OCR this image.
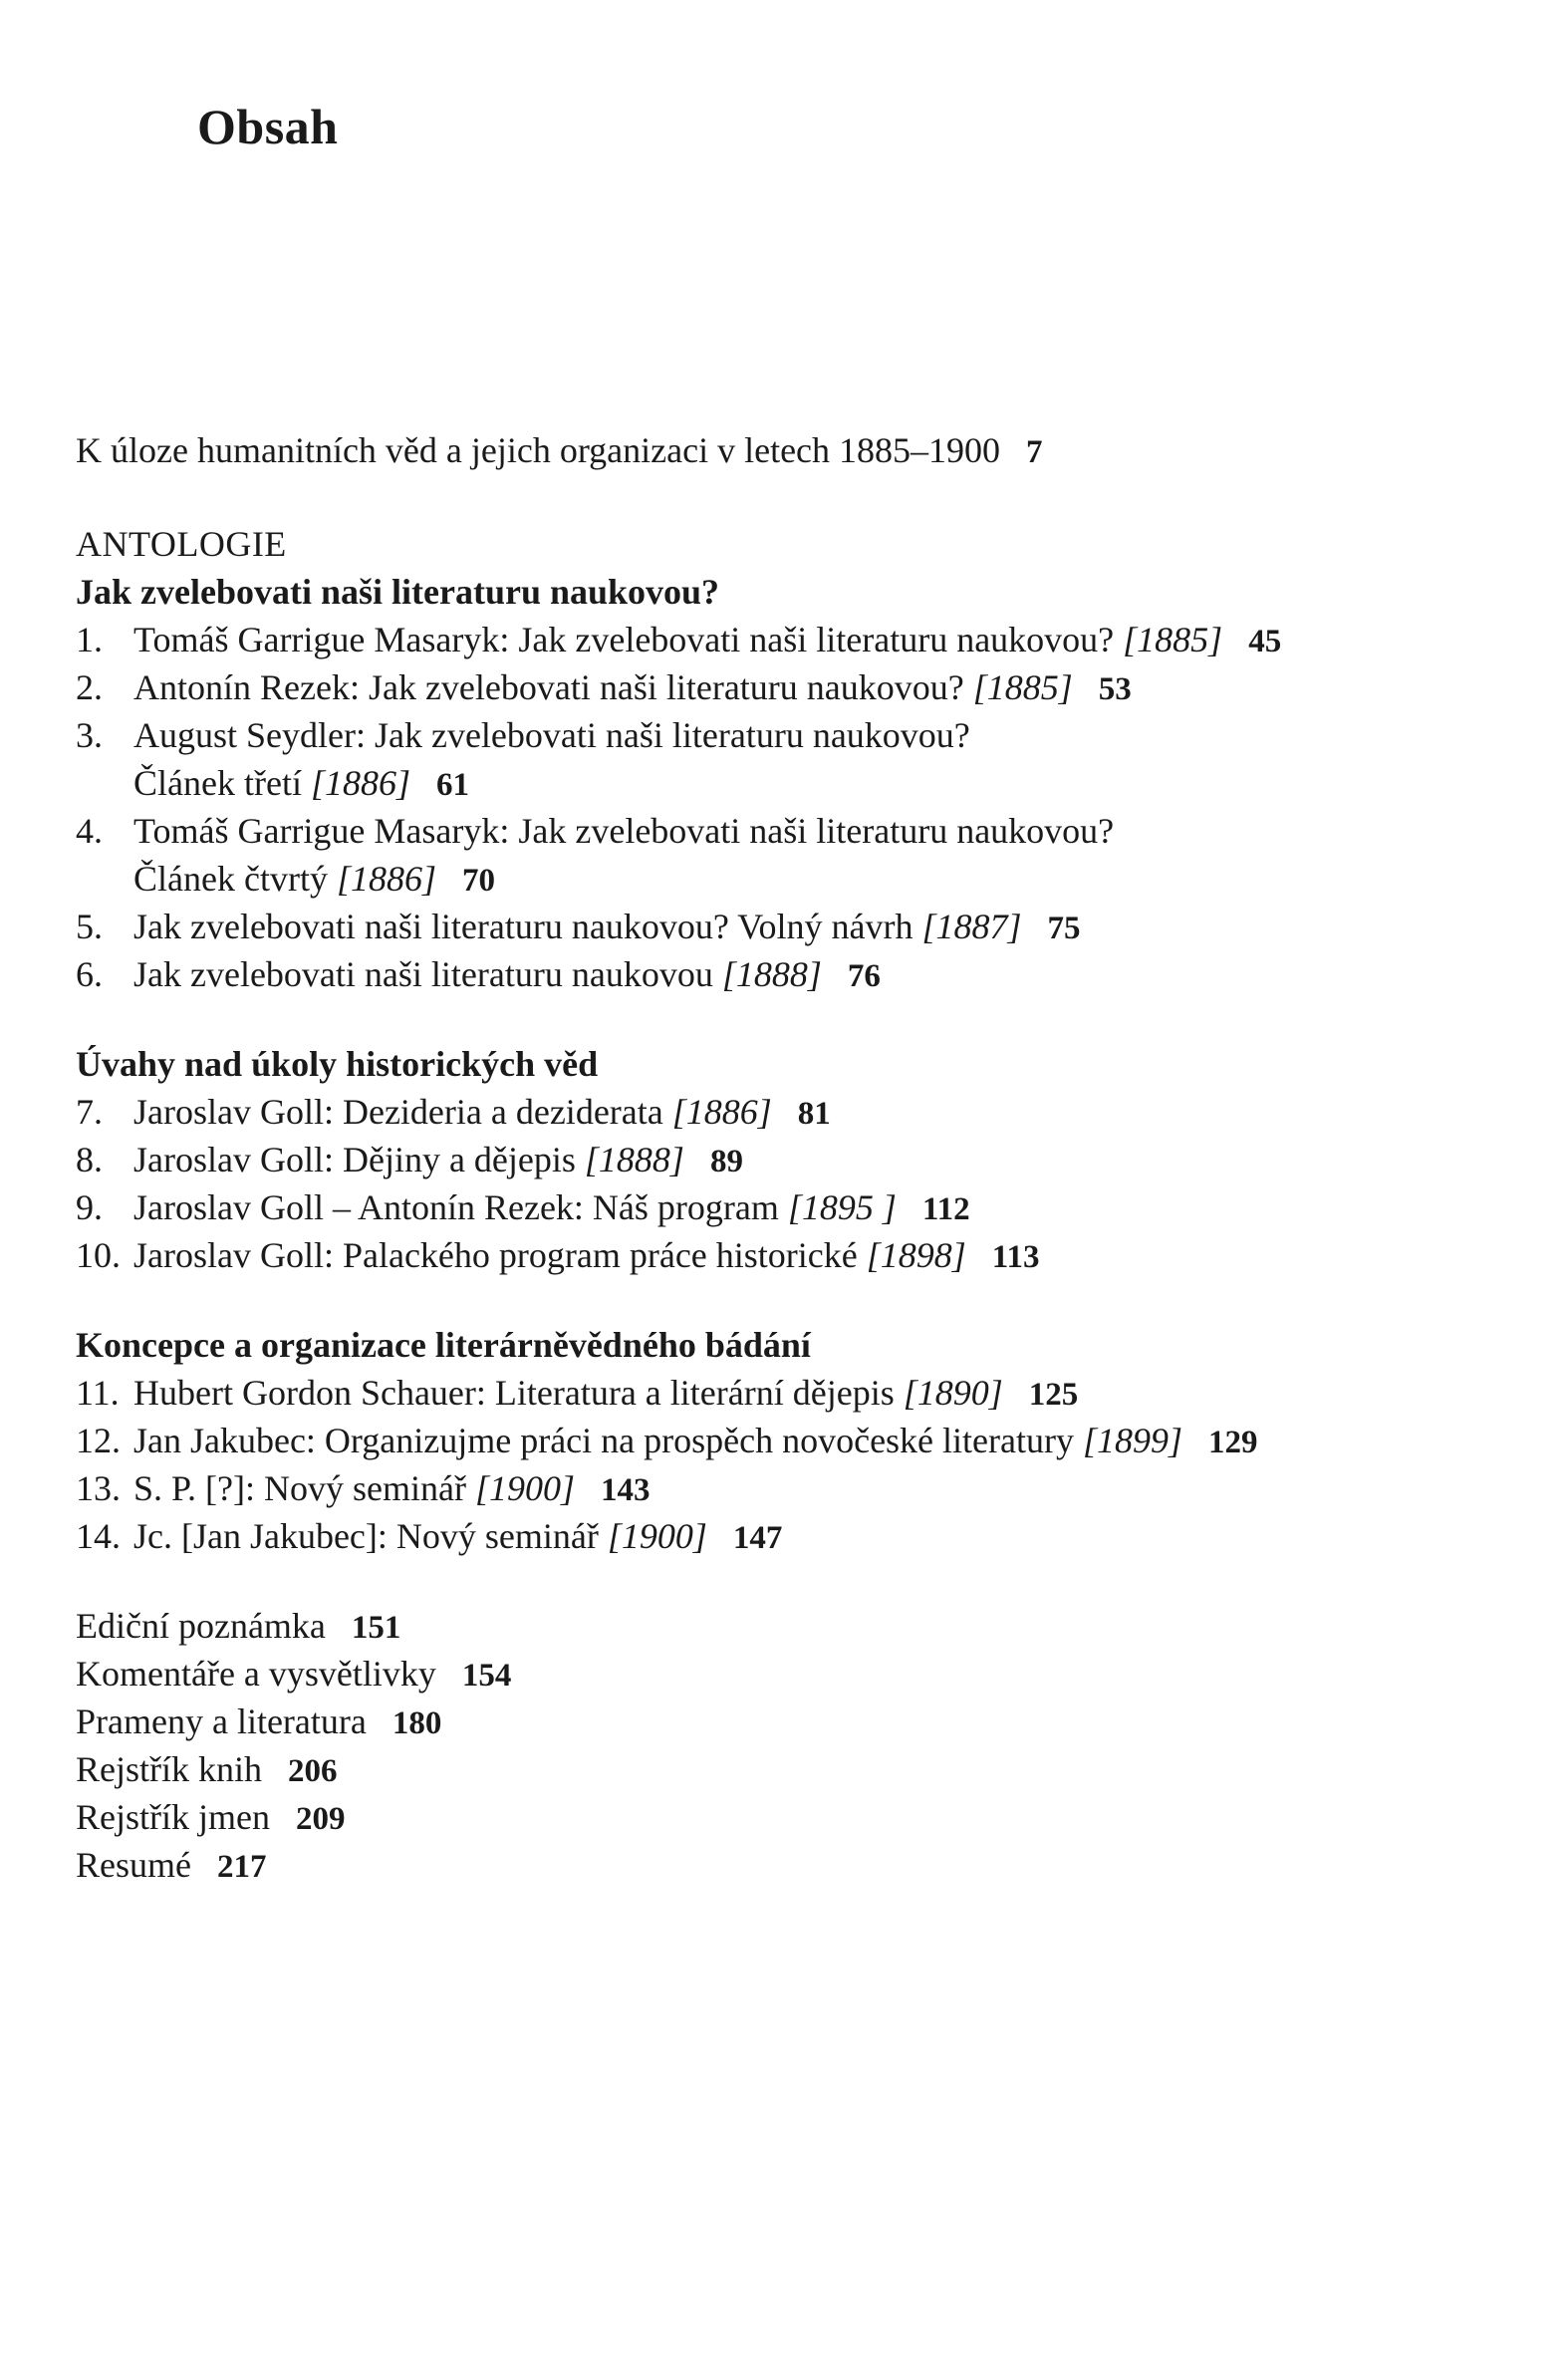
Obsah
K úloze humanitních věd a jejich organizaci v letech 1885–1900 7
ANTOLOGIE
Jak zvelebovati naši literaturu naukovou?
1. Tomáš Garrigue Masaryk: Jak zvelebovati naši literaturu naukovou? [1885] 45
2. Antonín Rezek: Jak zvelebovati naši literaturu naukovou? [1885] 53
3. August Seydler: Jak zvelebovati naši literaturu naukovou?
Článek třetí [1886] 61
4. Tomáš Garrigue Masaryk: Jak zvelebovati naši literaturu naukovou?
Článek čtvrtý [1886] 70
5. Jak zvelebovati naši literaturu naukovou? Volný návrh [1887] 75
6. Jak zvelebovati naši literaturu naukovou [1888] 76
Úvahy nad úkoly historických věd
7. Jaroslav Goll: Dezideria a deziderata [1886] 81
8. Jaroslav Goll: Dějiny a dějepis [1888] 89
9. Jaroslav Goll – Antonín Rezek: Náš program [1895 ] 112
10. Jaroslav Goll: Palackého program práce historické [1898] 113
Koncepce a organizace literárněvědného bádání
11. Hubert Gordon Schauer: Literatura a literární dějepis [1890] 125
12. Jan Jakubec: Organizujme práci na prospěch novočeské literatury [1899] 129
13. S. P. [?]: Nový seminář [1900] 143
14. Jc. [Jan Jakubec]: Nový seminář [1900] 147
Ediční poznámka 151
Komentáře a vysvětlivky 154
Prameny a literatura 180
Rejstřík knih 206
Rejstřík jmen 209
Resumé 217
